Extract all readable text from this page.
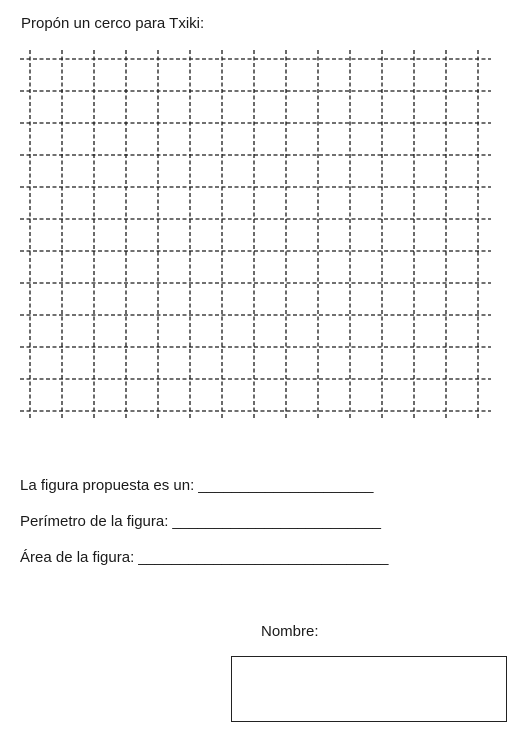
Propón un cerco para Txiki:
La figura propuesta es un: _____________________
Perímetro de la figura: _________________________
Área de la figura: ______________________________
Nombre:
